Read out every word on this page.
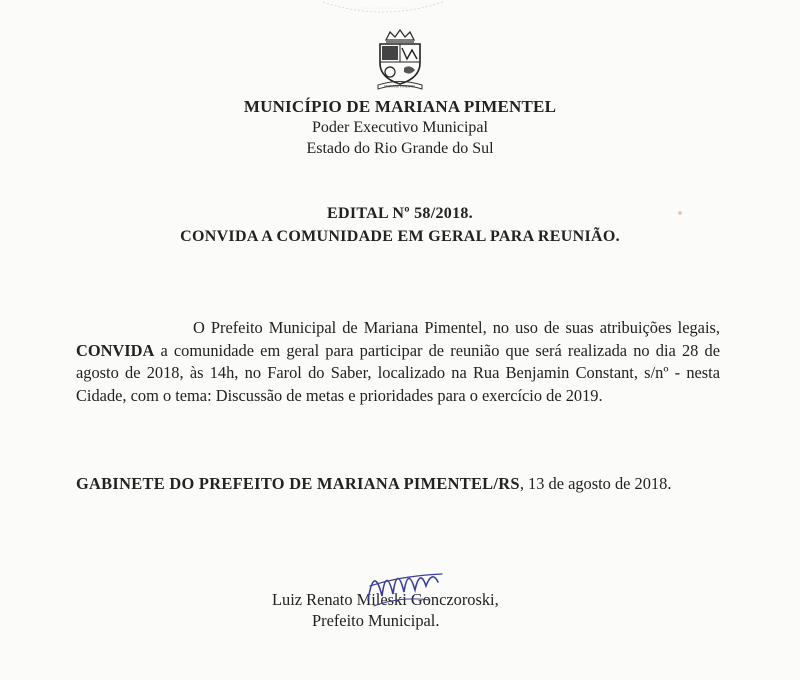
MARIANA PIMENTEL
MUNICÍPIO DE MARIANA PIMENTEL
Poder Executivo Municipal
Estado do Rio Grande do Sul
EDITAL Nº 58/2018.
CONVIDA A COMUNIDADE EM GERAL PARA REUNIÃO.
O Prefeito Municipal de Mariana Pimentel, no uso de suas atribuições legais, CONVIDA a comunidade em geral para participar de reunião que será realizada no dia 28 de agosto de 2018, às 14h, no Farol do Saber, localizado na Rua Benjamin Constant, s/nº - nesta Cidade, com o tema: Discussão de metas e prioridades para o exercício de 2019.
GABINETE DO PREFEITO DE MARIANA PIMENTEL/RS, 13 de agosto de 2018.
Luiz Renato Mileski Gonczoroski,
Prefeito Municipal.
